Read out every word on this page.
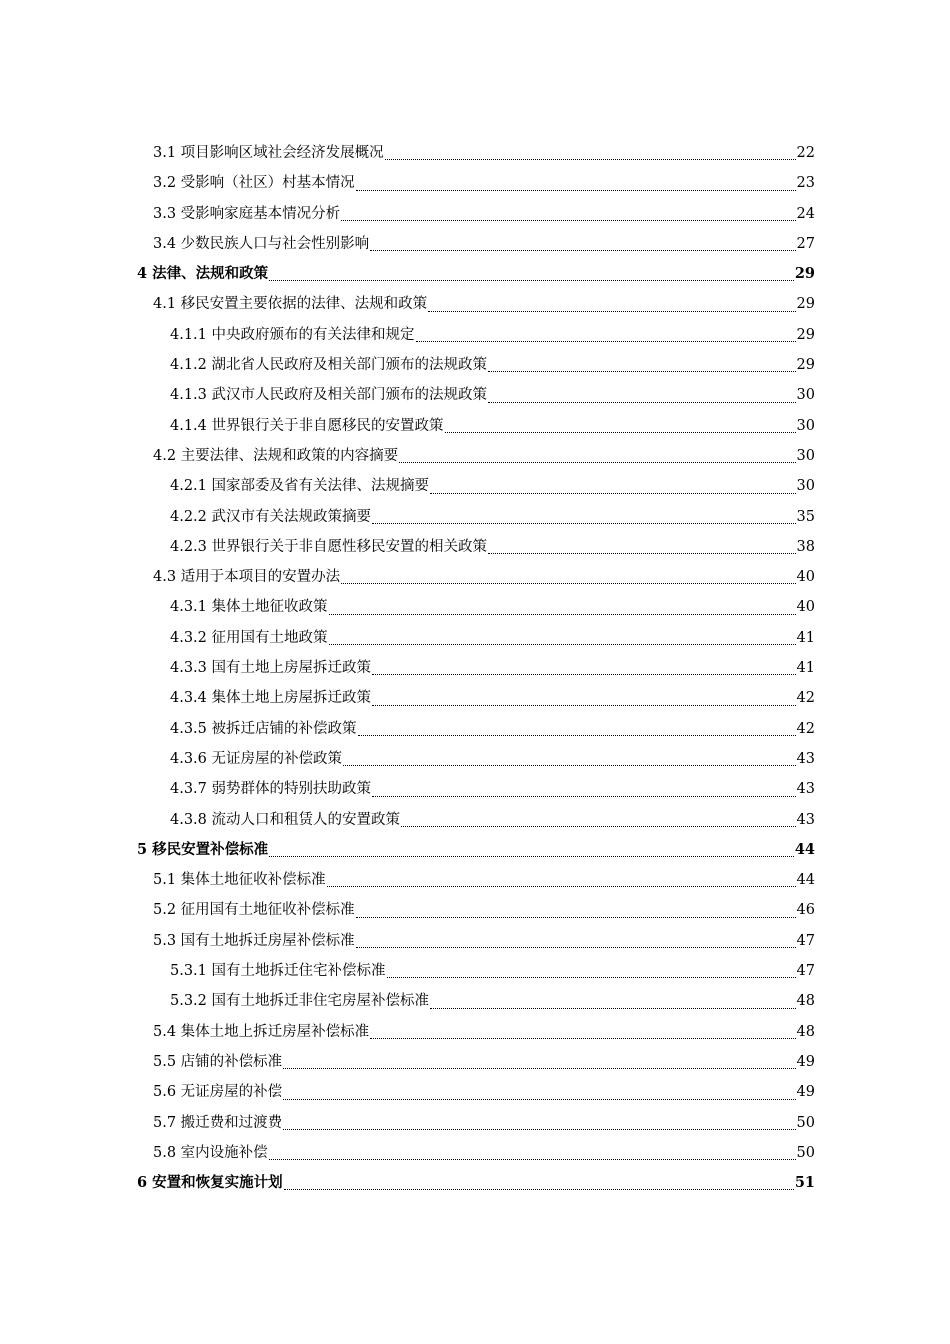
3.1 项目影响区域社会经济发展概况	22
3.2 受影响（社区）村基本情况	23
3.3 受影响家庭基本情况分析	24
3.4 少数民族人口与社会性别影响	27
4 法律、法规和政策	29
4.1 移民安置主要依据的法律、法规和政策	29
4.1.1 中央政府颁布的有关法律和规定	29
4.1.2 湖北省人民政府及相关部门颁布的法规政策	29
4.1.3 武汉市人民政府及相关部门颁布的法规政策	30
4.1.4 世界银行关于非自愿移民的安置政策	30
4.2 主要法律、法规和政策的内容摘要	30
4.2.1 国家部委及省有关法律、法规摘要	30
4.2.2 武汉市有关法规政策摘要	35
4.2.3 世界银行关于非自愿性移民安置的相关政策	38
4.3 适用于本项目的安置办法	40
4.3.1 集体土地征收政策	40
4.3.2 征用国有土地政策	41
4.3.3 国有土地上房屋拆迁政策	41
4.3.4 集体土地上房屋拆迁政策	42
4.3.5 被拆迁店铺的补偿政策	42
4.3.6 无证房屋的补偿政策	43
4.3.7 弱势群体的特别扶助政策	43
4.3.8 流动人口和租赁人的安置政策	43
5 移民安置补偿标准	44
5.1 集体土地征收补偿标准	44
5.2 征用国有土地征收补偿标准	46
5.3 国有土地拆迁房屋补偿标准	47
5.3.1 国有土地拆迁住宅补偿标准	47
5.3.2 国有土地拆迁非住宅房屋补偿标准	48
5.4 集体土地上拆迁房屋补偿标准	48
5.5 店铺的补偿标准	49
5.6 无证房屋的补偿	49
5.7 搬迁费和过渡费	50
5.8 室内设施补偿	50
6 安置和恢复实施计划	51
